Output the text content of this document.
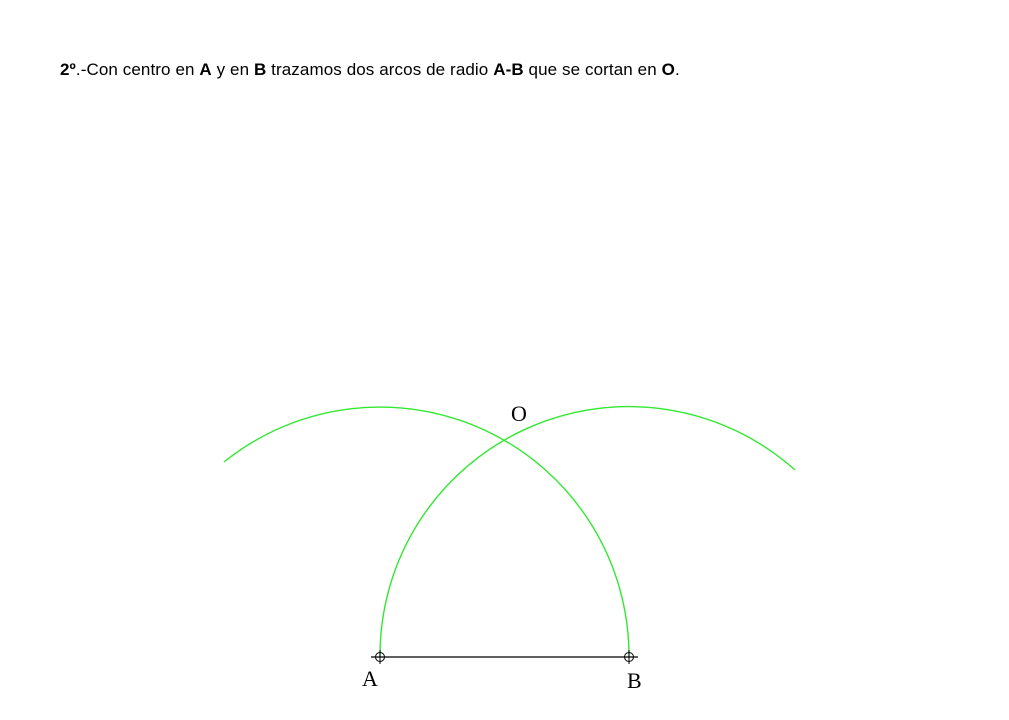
2º.-Con centro en A y en B trazamos dos arcos de radio A-B que se cortan en O.
A	B
O
